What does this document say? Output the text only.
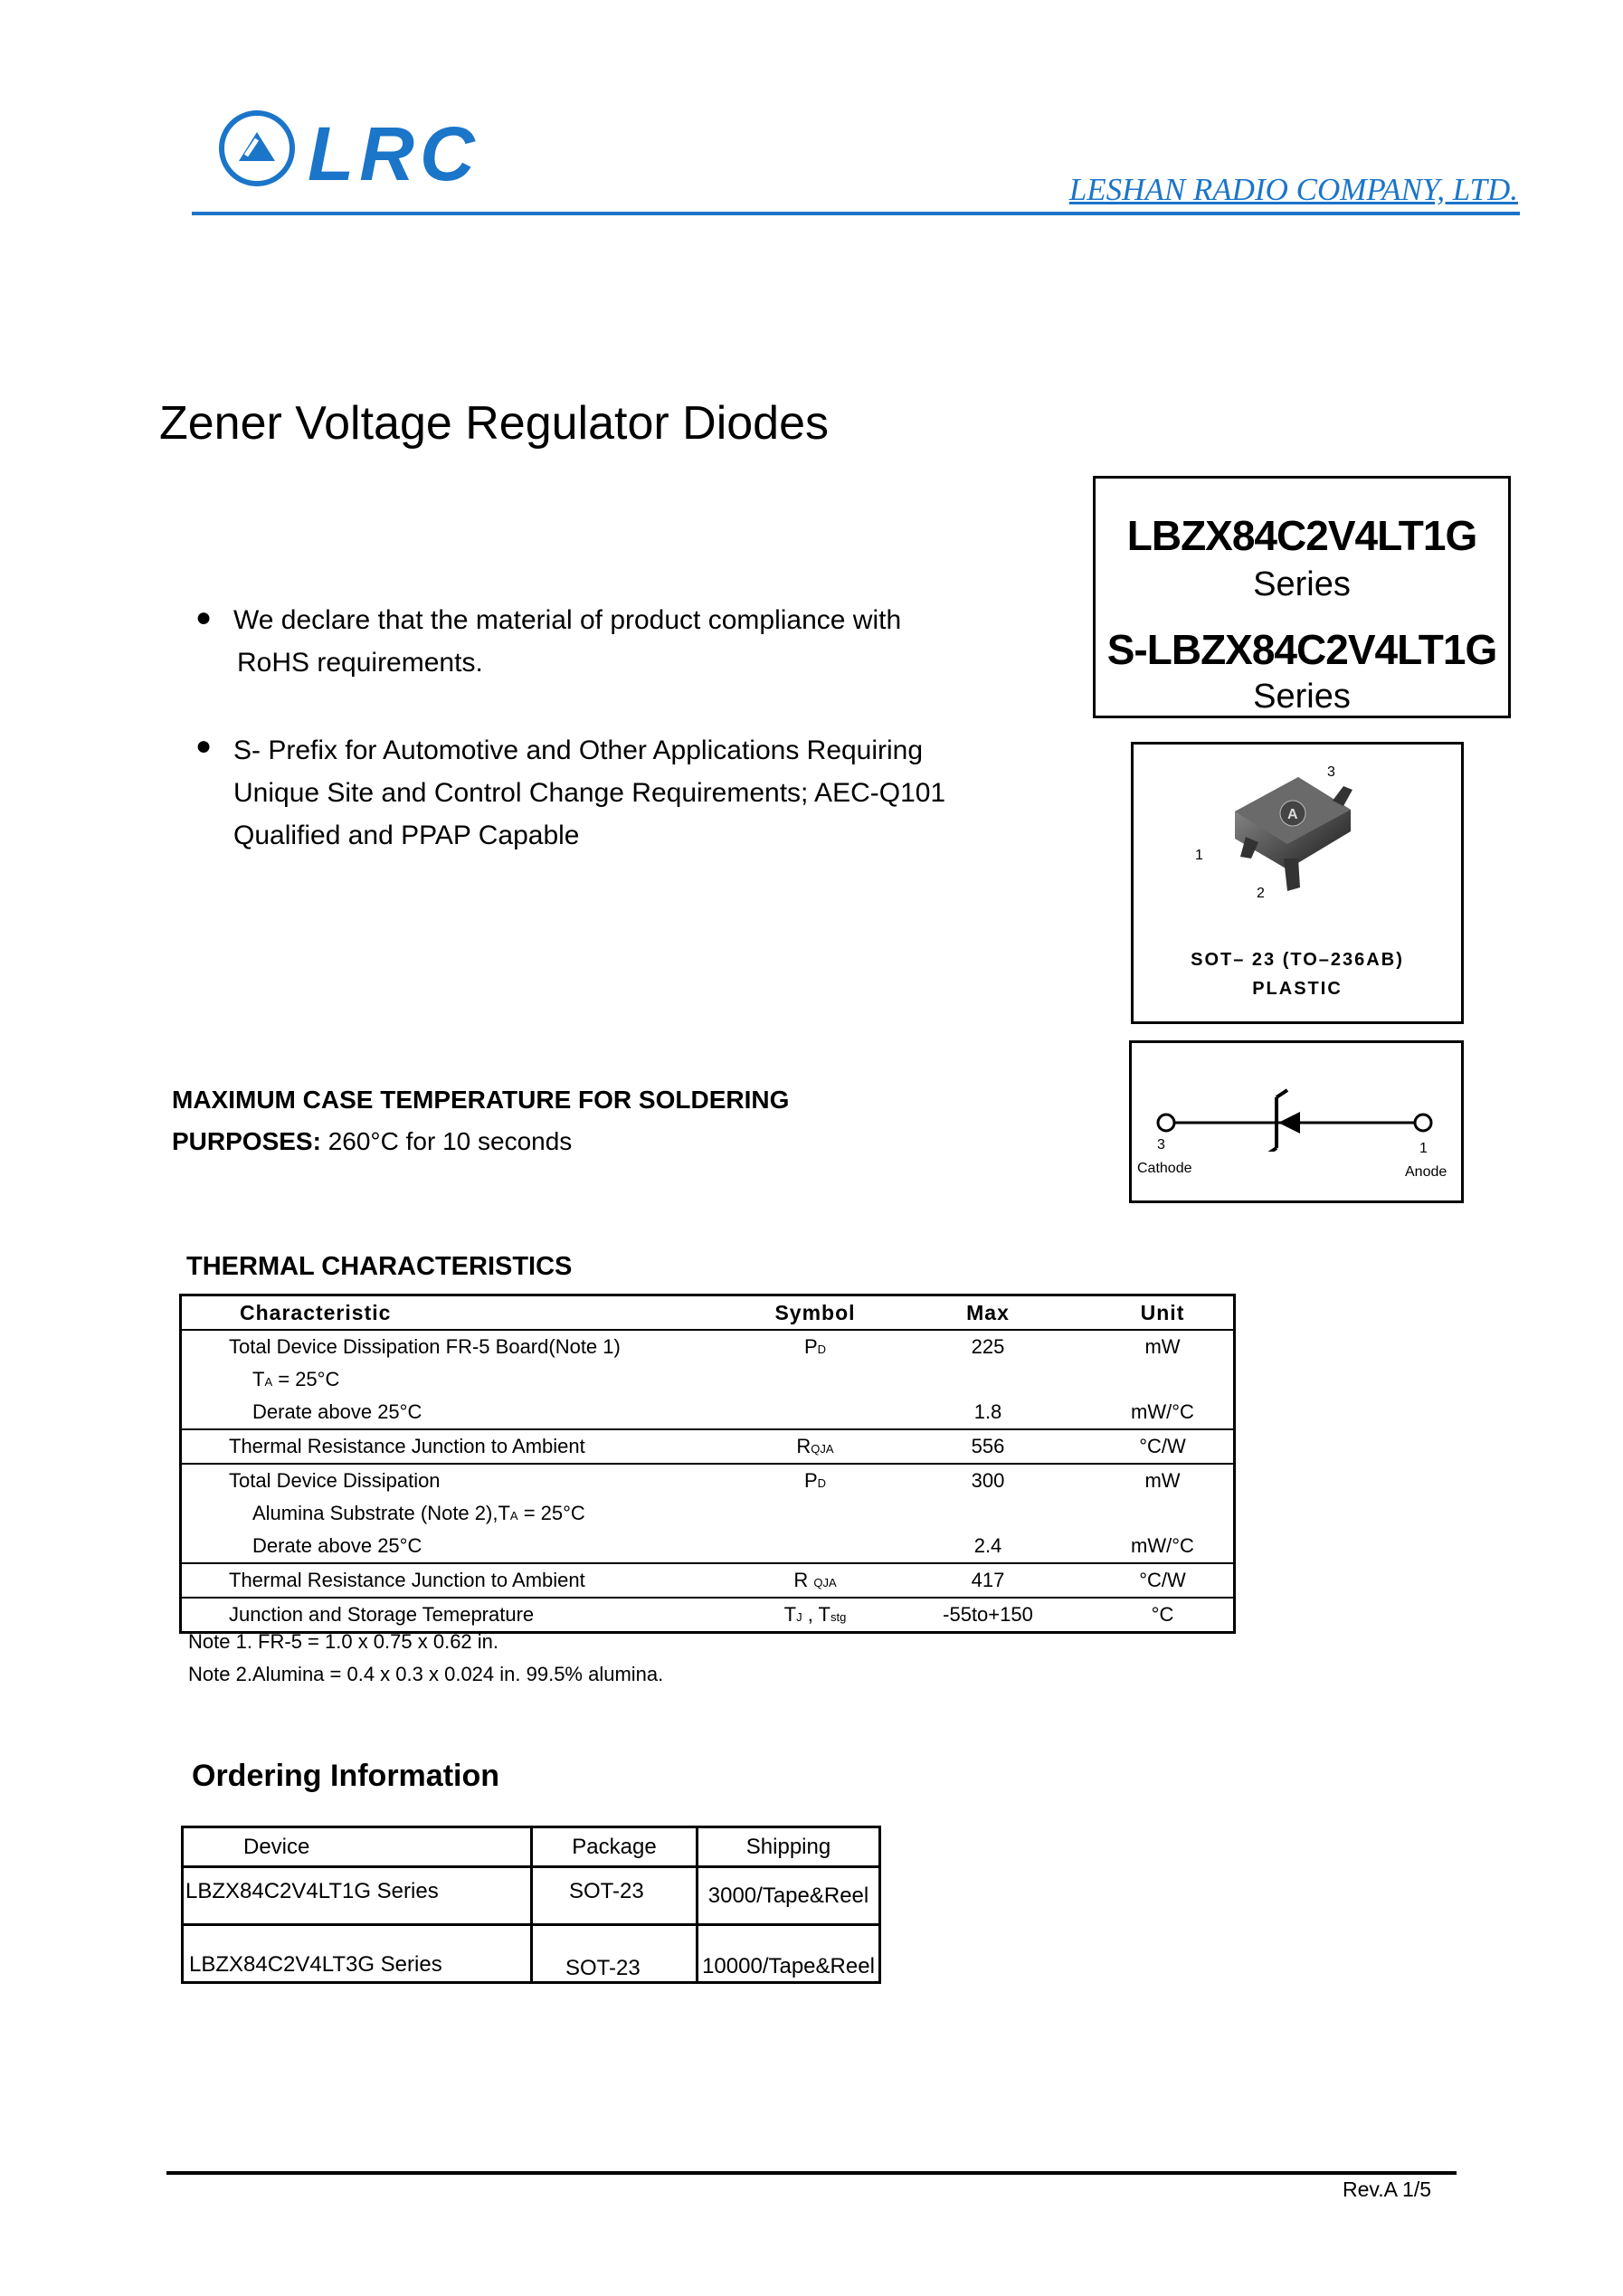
LRC	LESHAN RADIO COMPANY, LTD.
Zener Voltage Regulator Diodes
LBZX84C2V4LT1G
Series
S-LBZX84C2V4LT1G
Series
● We declare that the material of product compliance with
RoHS requirements.
● S- Prefix for Automotive and Other Applications Requiring
Unique Site and Control Change Requirements; AEC-Q101
Qualified and PPAP Capable
A
3
1
2
SOT– 23 (TO–236AB)
PLASTIC
3
Cathode
1
Anode
MAXIMUM CASE TEMPERATURE FOR SOLDERING
PURPOSES: 260°C for 10 seconds
THERMAL CHARACTERISTICS
Characteristic	Symbol	Max	Unit
Total Device Dissipation FR-5 Board(Note 1)	PD	225	mW
TA = 25°C			
Derate above 25°C		1.8	mW/°C
Thermal Resistance Junction to Ambient	RQJA	556	°C/W
Total Device Dissipation	PD	300	mW
Alumina Substrate (Note 2),TA = 25°C			
Derate above 25°C		2.4	mW/°C
Thermal Resistance Junction to Ambient	R QJA	417	°C/W
Junction and Storage Temeprature	TJ , Tstg	-55to+150	°C
Note 1. FR-5 = 1.0 x 0.75 x 0.62 in.
Note 2.Alumina = 0.4 x 0.3 x 0.024 in. 99.5% alumina.
Ordering Information
Device	Package	Shipping
LBZX84C2V4LT1G Series	SOT-23	3000/Tape&Reel
LBZX84C2V4LT3G Series	SOT-23	10000/Tape&Reel
Rev.A 1/5
